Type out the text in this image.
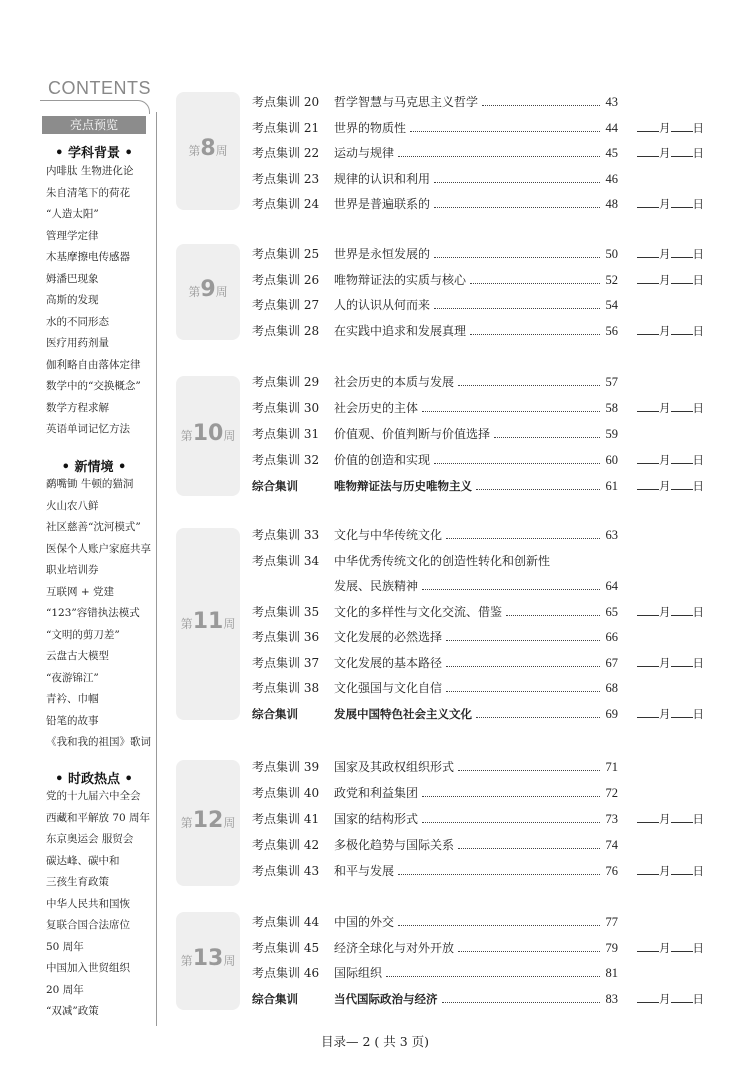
CONTENTS
亮点预览
• 学科背景 •
内啡肽 生物进化论
朱自清笔下的荷花
“人造太阳”
管理学定律
木基摩擦电传感器
姆潘巴现象
高斯的发现
水的不同形态
医疗用药剂量
伽利略自由落体定律
数学中的“交换概念”
数学方程求解
英语单词记忆方法
• 新情境 •
鹬嘴锄 牛顿的猫洞
火山农八鲜
社区慈善“沈河模式”
医保个人账户家庭共享
职业培训券
互联网 + 党建
“123”容错执法模式
“文明的剪刀差”
云盘古大模型
“夜游锦江”
青衿、巾帼
铅笔的故事
《我和我的祖国》歌词
• 时政热点 •
党的十九届六中全会
西藏和平解放 70 周年
东京奥运会 服贸会
碳达峰、碳中和
三孩生育政策
中华人民共和国恢
复联合国合法席位
50 周年
中国加入世贸组织
20 周年
“双减”政策
第8周
考点集训 20	哲学智慧与马克思主义哲学	43
考点集训 21	世界的物质性	44	月 日
考点集训 22	运动与规律	45	月 日
考点集训 23	规律的认识和利用	46
考点集训 24	世界是普遍联系的	48	月 日
第9周
考点集训 25	世界是永恒发展的	50	月 日
考点集训 26	唯物辩证法的实质与核心	52	月 日
考点集训 27	人的认识从何而来	54
考点集训 28	在实践中追求和发展真理	56	月 日
第10周
考点集训 29	社会历史的本质与发展	57
考点集训 30	社会历史的主体	58	月 日
考点集训 31	价值观、价值判断与价值选择	59
考点集训 32	价值的创造和实现	60	月 日
综合集训	唯物辩证法与历史唯物主义	61	月 日
第11周
考点集训 33	文化与中华传统文化	63
考点集训 34	中华优秀传统文化的创造性转化和创新性
发展、民族精神	64
考点集训 35	文化的多样性与文化交流、借鉴	65	月 日
考点集训 36	文化发展的必然选择	66
考点集训 37	文化发展的基本路径	67	月 日
考点集训 38	文化强国与文化自信	68
综合集训	发展中国特色社会主义文化	69	月 日
第12周
考点集训 39	国家及其政权组织形式	71
考点集训 40	政党和利益集团	72
考点集训 41	国家的结构形式	73	月 日
考点集训 42	多极化趋势与国际关系	74
考点集训 43	和平与发展	76	月 日
第13周
考点集训 44	中国的外交	77
考点集训 45	经济全球化与对外开放	79	月 日
考点集训 46	国际组织	81
综合集训	当代国际政治与经济	83	月 日
目录— 2 ( 共 3 页)
